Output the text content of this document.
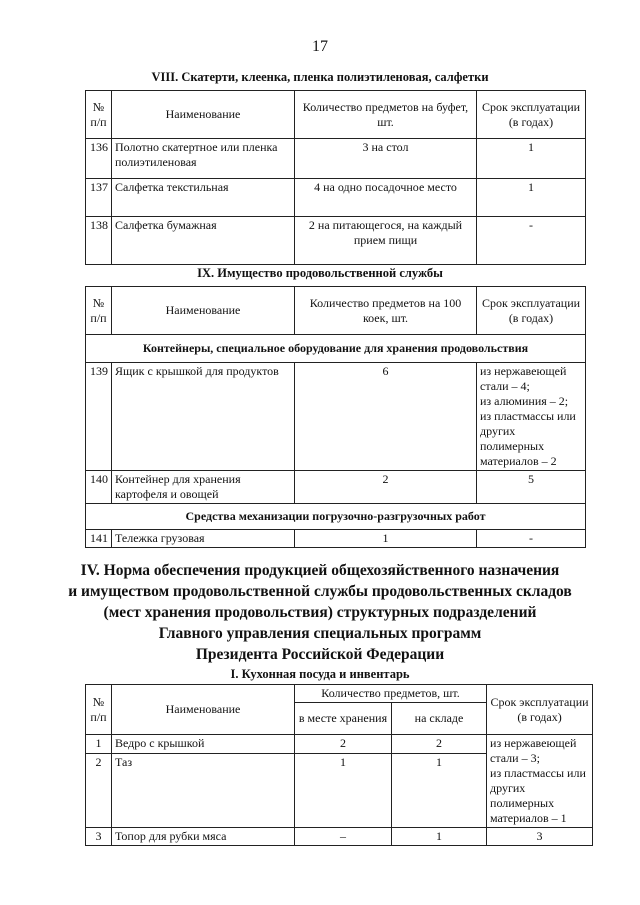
17
VIII. Скатерти, клеенка, пленка полиэтиленовая, салфетки
№
п/п	Наименование	Количество предметов на буфет, шт.	Срок эксплуатации (в годах)
136	Полотно скатертное или пленка полиэтиленовая	3 на стол	1
137	Салфетка текстильная	4 на одно посадочное место	1
138	Салфетка бумажная	2 на питающегося, на каждый прием пищи	-
IX. Имущество продовольственной службы
№
п/п	Наименование	Количество предметов на 100 коек, шт.	Срок эксплуатации (в годах)
Контейнеры, специальное оборудование для хранения продовольствия			
139	Ящик с крышкой для продуктов	6	из нержавеющей стали – 4;
из алюминия – 2;
из пластмассы или других полимерных материалов – 2
140	Контейнер для хранения картофеля и овощей	2	5
Средства механизации погрузочно-разгрузочных работ			
141	Тележка грузовая	1	-
IV. Норма обеспечения продукцией общехозяйственного назначения
и имуществом продовольственной службы продовольственных складов
(мест хранения продовольствия) структурных подразделений
Главного управления специальных программ
Президента Российской Федерации
I. Кухонная посуда и инвентарь
№
п/п	Наименование	Количество предметов, шт.		Срок эксплуатации (в годах)
		в месте хранения	на складе	
1	Ведро с крышкой	2	2	из нержавеющей стали – 3;
из пластмассы или других полимерных материалов – 1
2	Таз	1	1	
3	Топор для рубки мяса	–	1	3
